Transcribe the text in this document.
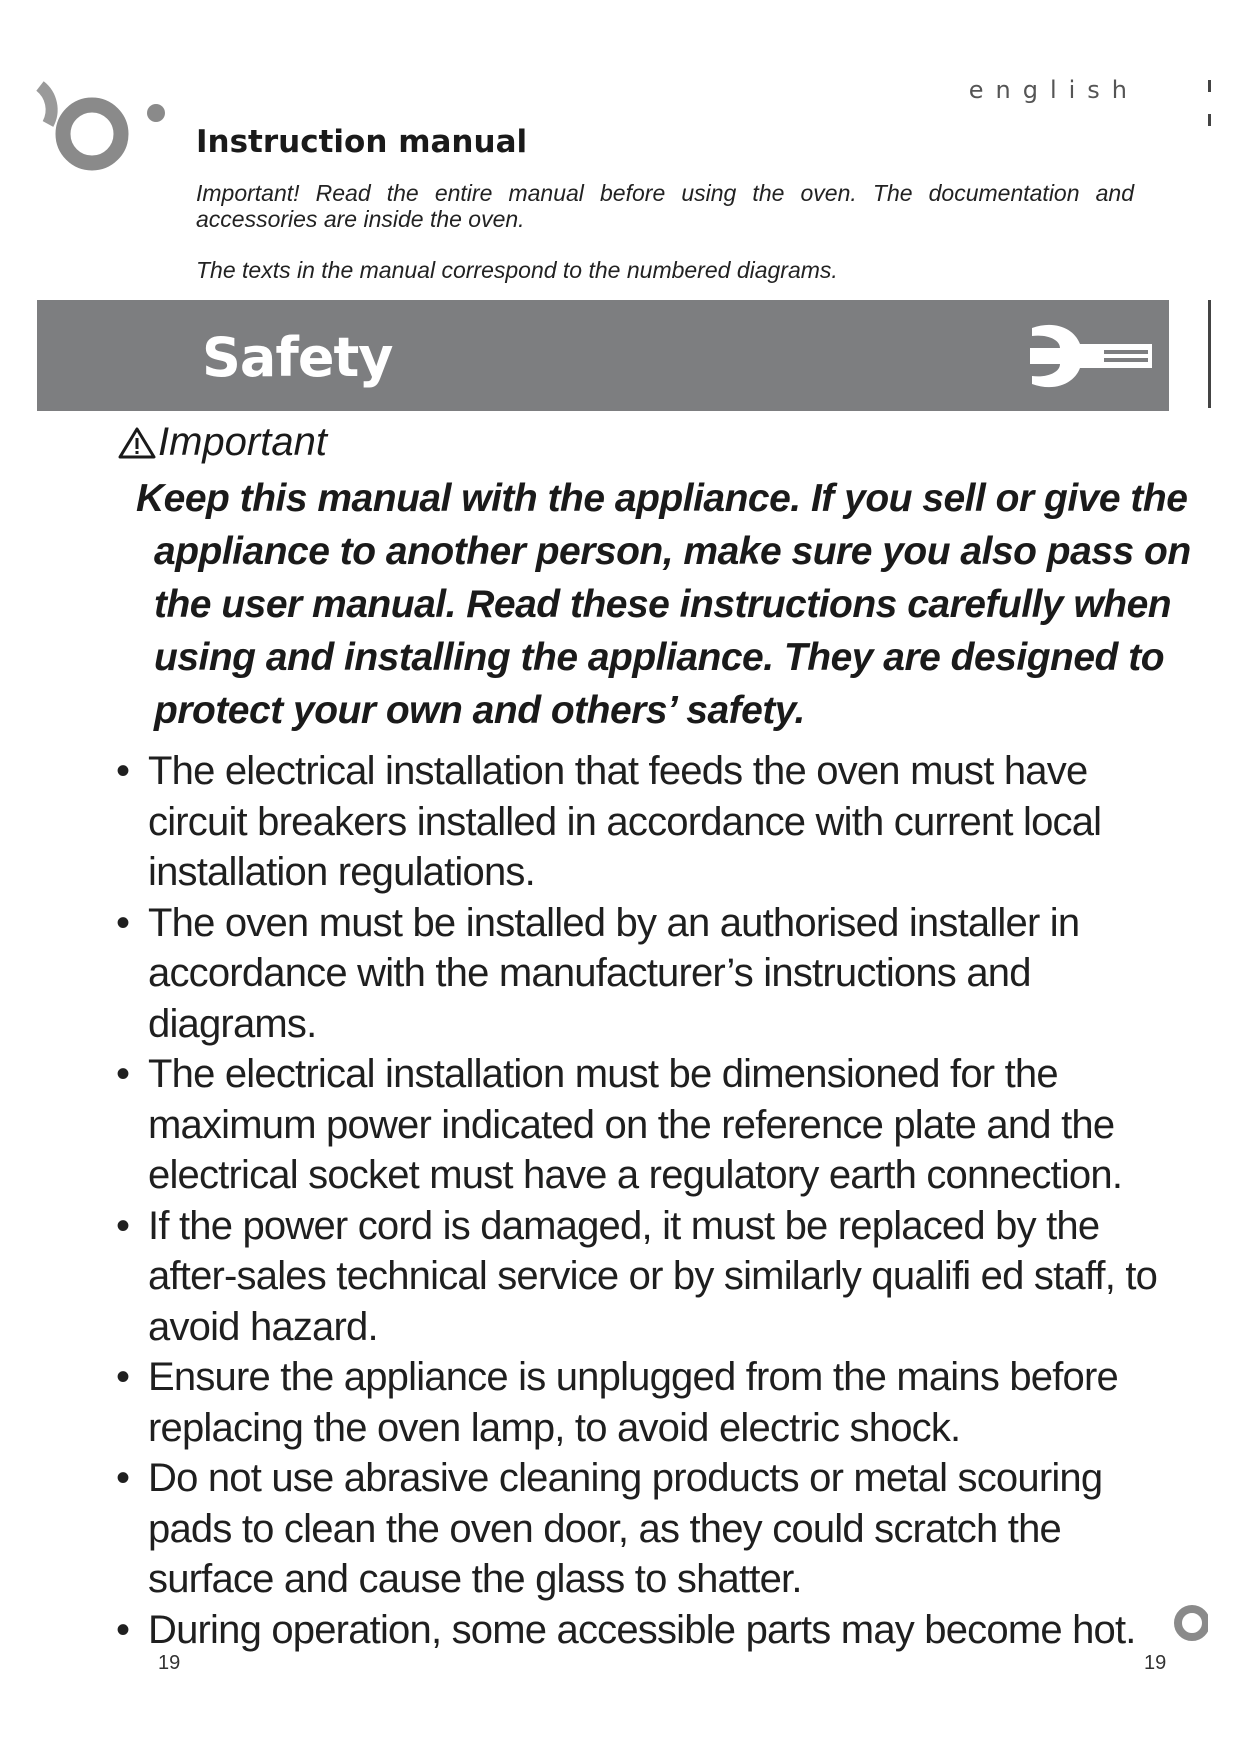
english
Instruction manual

Important! Read the entire manual before using the oven. The documentation and accessories are inside the oven.

The texts in the manual correspond to the numbered diagrams.

Safety
Important

Keep this manual with the appliance. If you sell or give the appliance to another person, make sure you also pass on the user manual. Read these instructions carefully when using and installing the appliance. They are designed to protect your own and others’ safety.

• The electrical installation that feeds the oven must have circuit breakers installed in accordance with current local installation regulations.
• The oven must be installed by an authorised installer in accordance with the manufacturer’s instructions and diagrams.
• The electrical installation must be dimensioned for the maximum power indicated on the reference plate and the electrical socket must have a regulatory earth connection.
• If the power cord is damaged, it must be replaced by the after-sales technical service or by similarly qualifi ed staff, to avoid hazard.
• Ensure the appliance is unplugged from the mains before replacing the oven lamp, to avoid electric shock.
• Do not use abrasive cleaning products or metal scouring pads to clean the oven door, as they could scratch the surface and cause the glass to shatter.
• During operation, some accessible parts may become hot.
19	19
